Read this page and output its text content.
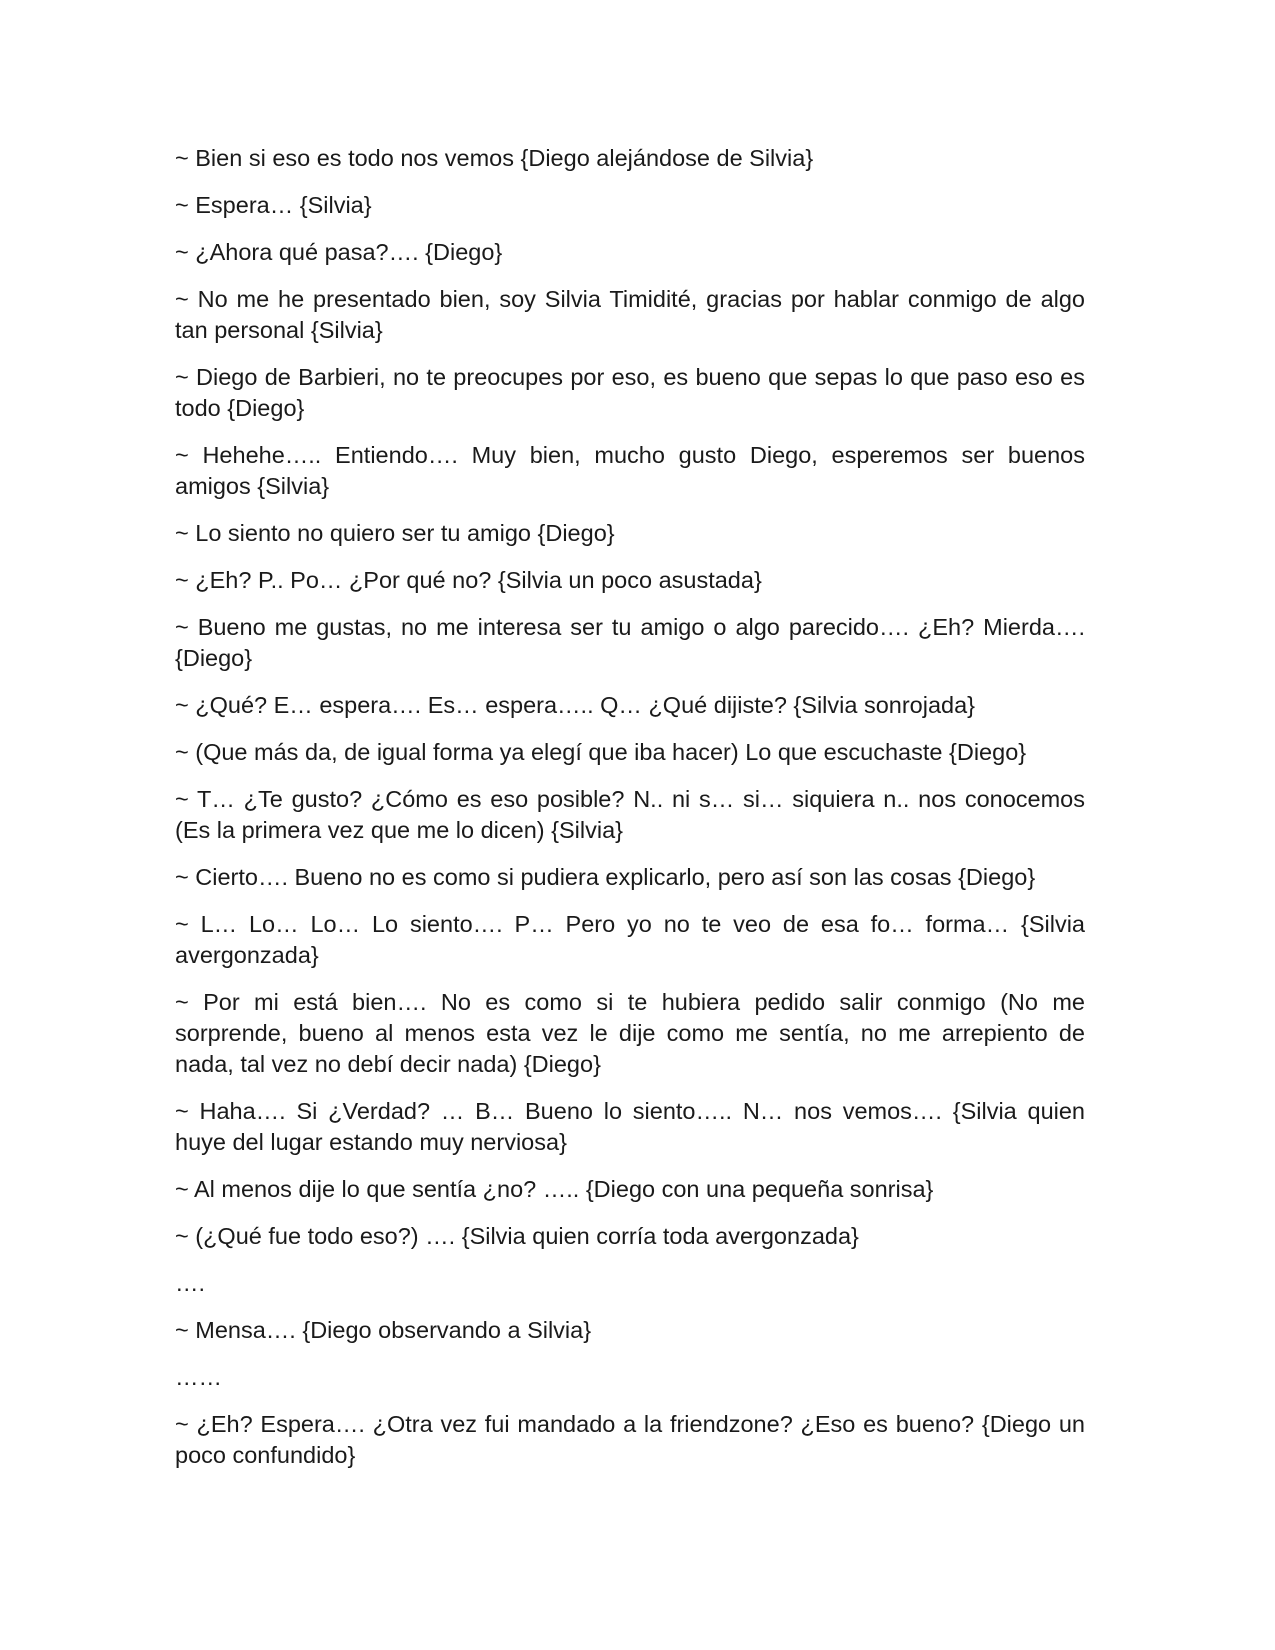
~ Bien si eso es todo nos vemos {Diego alejándose de Silvia}

~ Espera… {Silvia}

~ ¿Ahora qué pasa?…. {Diego}

~ No me he presentado bien, soy Silvia Timidité, gracias por hablar conmigo de algo tan personal {Silvia}

~ Diego de Barbieri, no te preocupes por eso, es bueno que sepas lo que paso eso es todo {Diego}

~ Hehehe….. Entiendo…. Muy bien, mucho gusto Diego, esperemos ser buenos amigos {Silvia}

~ Lo siento no quiero ser tu amigo {Diego}

~ ¿Eh? P.. Po… ¿Por qué no? {Silvia un poco asustada}

~ Bueno me gustas, no me interesa ser tu amigo o algo parecido…. ¿Eh? Mierda…. {Diego}

~ ¿Qué? E… espera…. Es… espera….. Q… ¿Qué dijiste? {Silvia sonrojada}

~ (Que más da, de igual forma ya elegí que iba hacer) Lo que escuchaste {Diego}

~ T… ¿Te gusto? ¿Cómo es eso posible? N.. ni s… si… siquiera n.. nos conocemos (Es la primera vez que me lo dicen) {Silvia}

~ Cierto…. Bueno no es como si pudiera explicarlo, pero así son las cosas {Diego}

~ L… Lo… Lo… Lo siento…. P… Pero yo no te veo de esa fo… forma… {Silvia avergonzada}

~ Por mi está bien…. No es como si te hubiera pedido salir conmigo (No me sorprende, bueno al menos esta vez le dije como me sentía, no me arrepiento de nada, tal vez no debí decir nada) {Diego}

~ Haha…. Si ¿Verdad? … B… Bueno lo siento….. N… nos vemos…. {Silvia quien huye del lugar estando muy nerviosa}

~ Al menos dije lo que sentía ¿no? ….. {Diego con una pequeña sonrisa}

~ (¿Qué fue todo eso?) …. {Silvia quien corría toda avergonzada}

….

~ Mensa…. {Diego observando a Silvia}

……

~ ¿Eh? Espera…. ¿Otra vez fui mandado a la friendzone? ¿Eso es bueno? {Diego un poco confundido}
